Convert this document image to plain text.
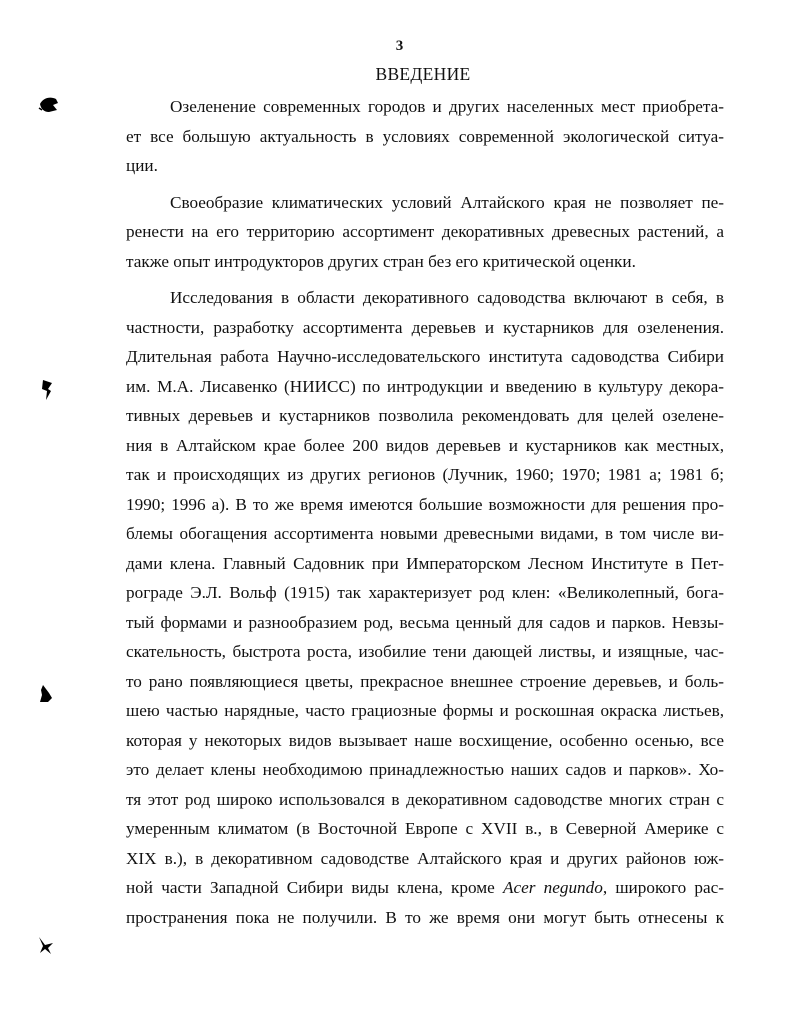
3
ВВЕДЕНИЕ
Озеленение современных городов и других населенных мест приобрета-
ет все большую актуальность в условиях современной экологической ситуа-
ции.
Своеобразие климатических условий Алтайского края не позволяет пе-
ренести на его территорию ассортимент декоративных древесных растений, а
также опыт интродукторов других стран без его критической оценки.
Исследования в области декоративного садоводства включают в себя, в
частности, разработку ассортимента деревьев и кустарников для озеленения.
Длительная работа Научно-исследовательского института садоводства Сибири
им. М.А. Лисавенко (НИИСС) по интродукции и введению в культуру декора-
тивных деревьев и кустарников позволила рекомендовать для целей озелене-
ния в Алтайском крае более 200 видов деревьев и кустарников как местных,
так и происходящих из других регионов (Лучник, 1960; 1970; 1981 а; 1981 б;
1990; 1996 а). В то же время имеются большие возможности для решения про-
блемы обогащения ассортимента новыми древесными видами, в том числе ви-
дами клена. Главный Садовник при Императорском Лесном Институте в Пет-
рограде Э.Л. Вольф (1915) так характеризует род клен: «Великолепный, бога-
тый формами и разнообразием род, весьма ценный для садов и парков. Невзы-
скательность, быстрота роста, изобилие тени дающей листвы, и изящные, час-
то рано появляющиеся цветы, прекрасное внешнее строение деревьев, и боль-
шею частью нарядные, часто грациозные формы и роскошная окраска листьев,
которая у некоторых видов вызывает наше восхищение, особенно осенью, все
это делает клены необходимою принадлежностью наших садов и парков». Хо-
тя этот род широко использовался в декоративном садоводстве многих стран с
умеренным климатом (в Восточной Европе с XVII в., в Северной Америке с
XIX в.), в декоративном садоводстве Алтайского края и других районов юж-
ной части Западной Сибири виды клена, кроме Acer negundo, широкого рас-
пространения пока не получили. В то же время они могут быть отнесены к
